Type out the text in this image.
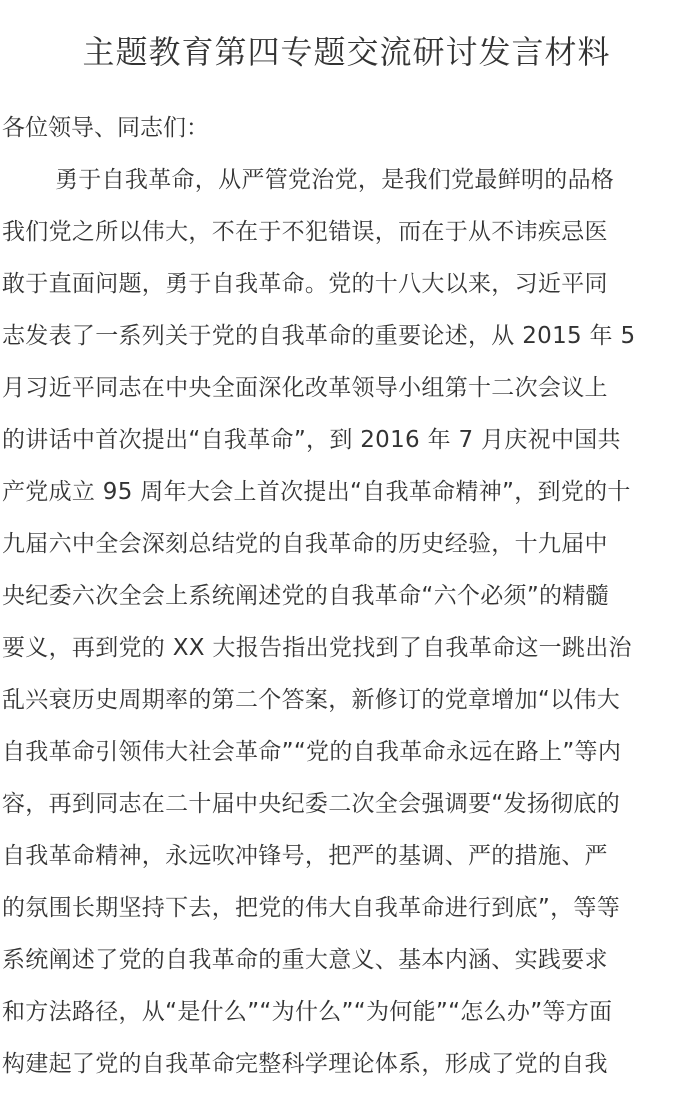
主题教育第四专题交流研讨发言材料
各位领导、同志们：
勇于自我革命，从严管党治党，是我们党最鲜明的品格
我们党之所以伟大，不在于不犯错误，而在于从不讳疾忌医
敢于直面问题，勇于自我革命。党的十八大以来，习近平同
志发表了一系列关于党的自我革命的重要论述，从 2015 年 5
月习近平同志在中央全面深化改革领导小组第十二次会议上
的讲话中首次提出“自我革命”，到 2016 年 7 月庆祝中国共
产党成立 95 周年大会上首次提出“自我革命精神”，到党的十
九届六中全会深刻总结党的自我革命的历史经验，十九届中
央纪委六次全会上系统阐述党的自我革命“六个必须”的精髓
要义，再到党的 XX 大报告指出党找到了自我革命这一跳出治
乱兴衰历史周期率的第二个答案，新修订的党章增加“以伟大
自我革命引领伟大社会革命”“党的自我革命永远在路上”等内
容，再到同志在二十届中央纪委二次全会强调要“发扬彻底的
自我革命精神，永远吹冲锋号，把严的基调、严的措施、严
的氛围长期坚持下去，把党的伟大自我革命进行到底”，等等
系统阐述了党的自我革命的重大意义、基本内涵、实践要求
和方法路径，从“是什么”“为什么”“为何能”“怎么办”等方面
构建起了党的自我革命完整科学理论体系，形成了党的自我
